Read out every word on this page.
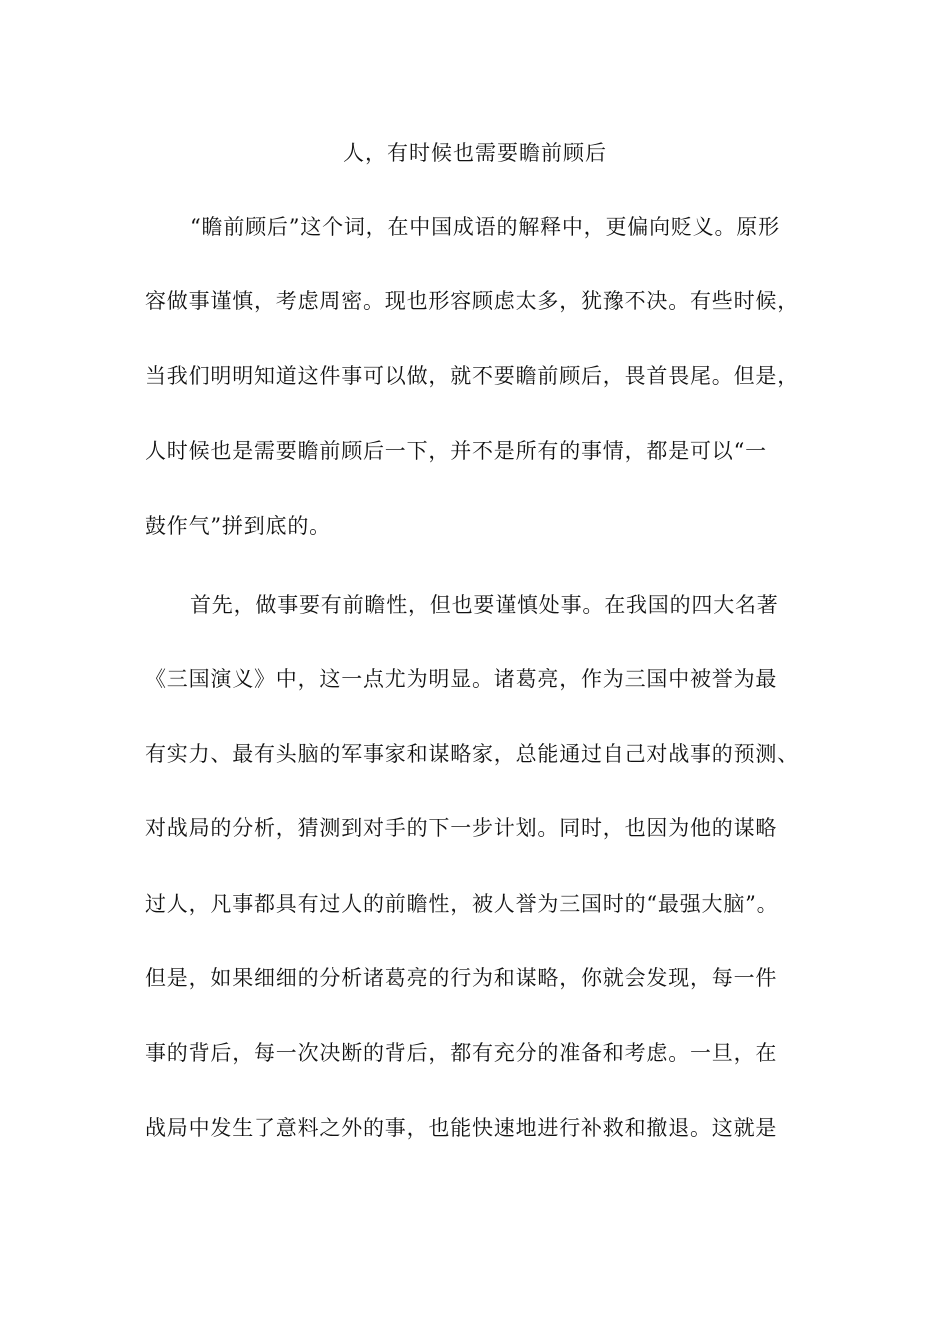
人，有时候也需要瞻前顾后
“瞻前顾后”这个词，在中国成语的解释中，更偏向贬义。原形
容做事谨慎，考虑周密。现也形容顾虑太多，犹豫不决。有些时候，
当我们明明知道这件事可以做，就不要瞻前顾后，畏首畏尾。但是，
人时候也是需要瞻前顾后一下，并不是所有的事情，都是可以“一
鼓作气”拼到底的。
首先，做事要有前瞻性，但也要谨慎处事。在我国的四大名著
《三国演义》中，这一点尤为明显。诸葛亮，作为三国中被誉为最
有实力、最有头脑的军事家和谋略家，总能通过自己对战事的预测、
对战局的分析，猜测到对手的下一步计划。同时，也因为他的谋略
过人，凡事都具有过人的前瞻性，被人誉为三国时的“最强大脑”。
但是，如果细细的分析诸葛亮的行为和谋略，你就会发现，每一件
事的背后，每一次决断的背后，都有充分的准备和考虑。一旦，在
战局中发生了意料之外的事，也能快速地进行补救和撤退。这就是
